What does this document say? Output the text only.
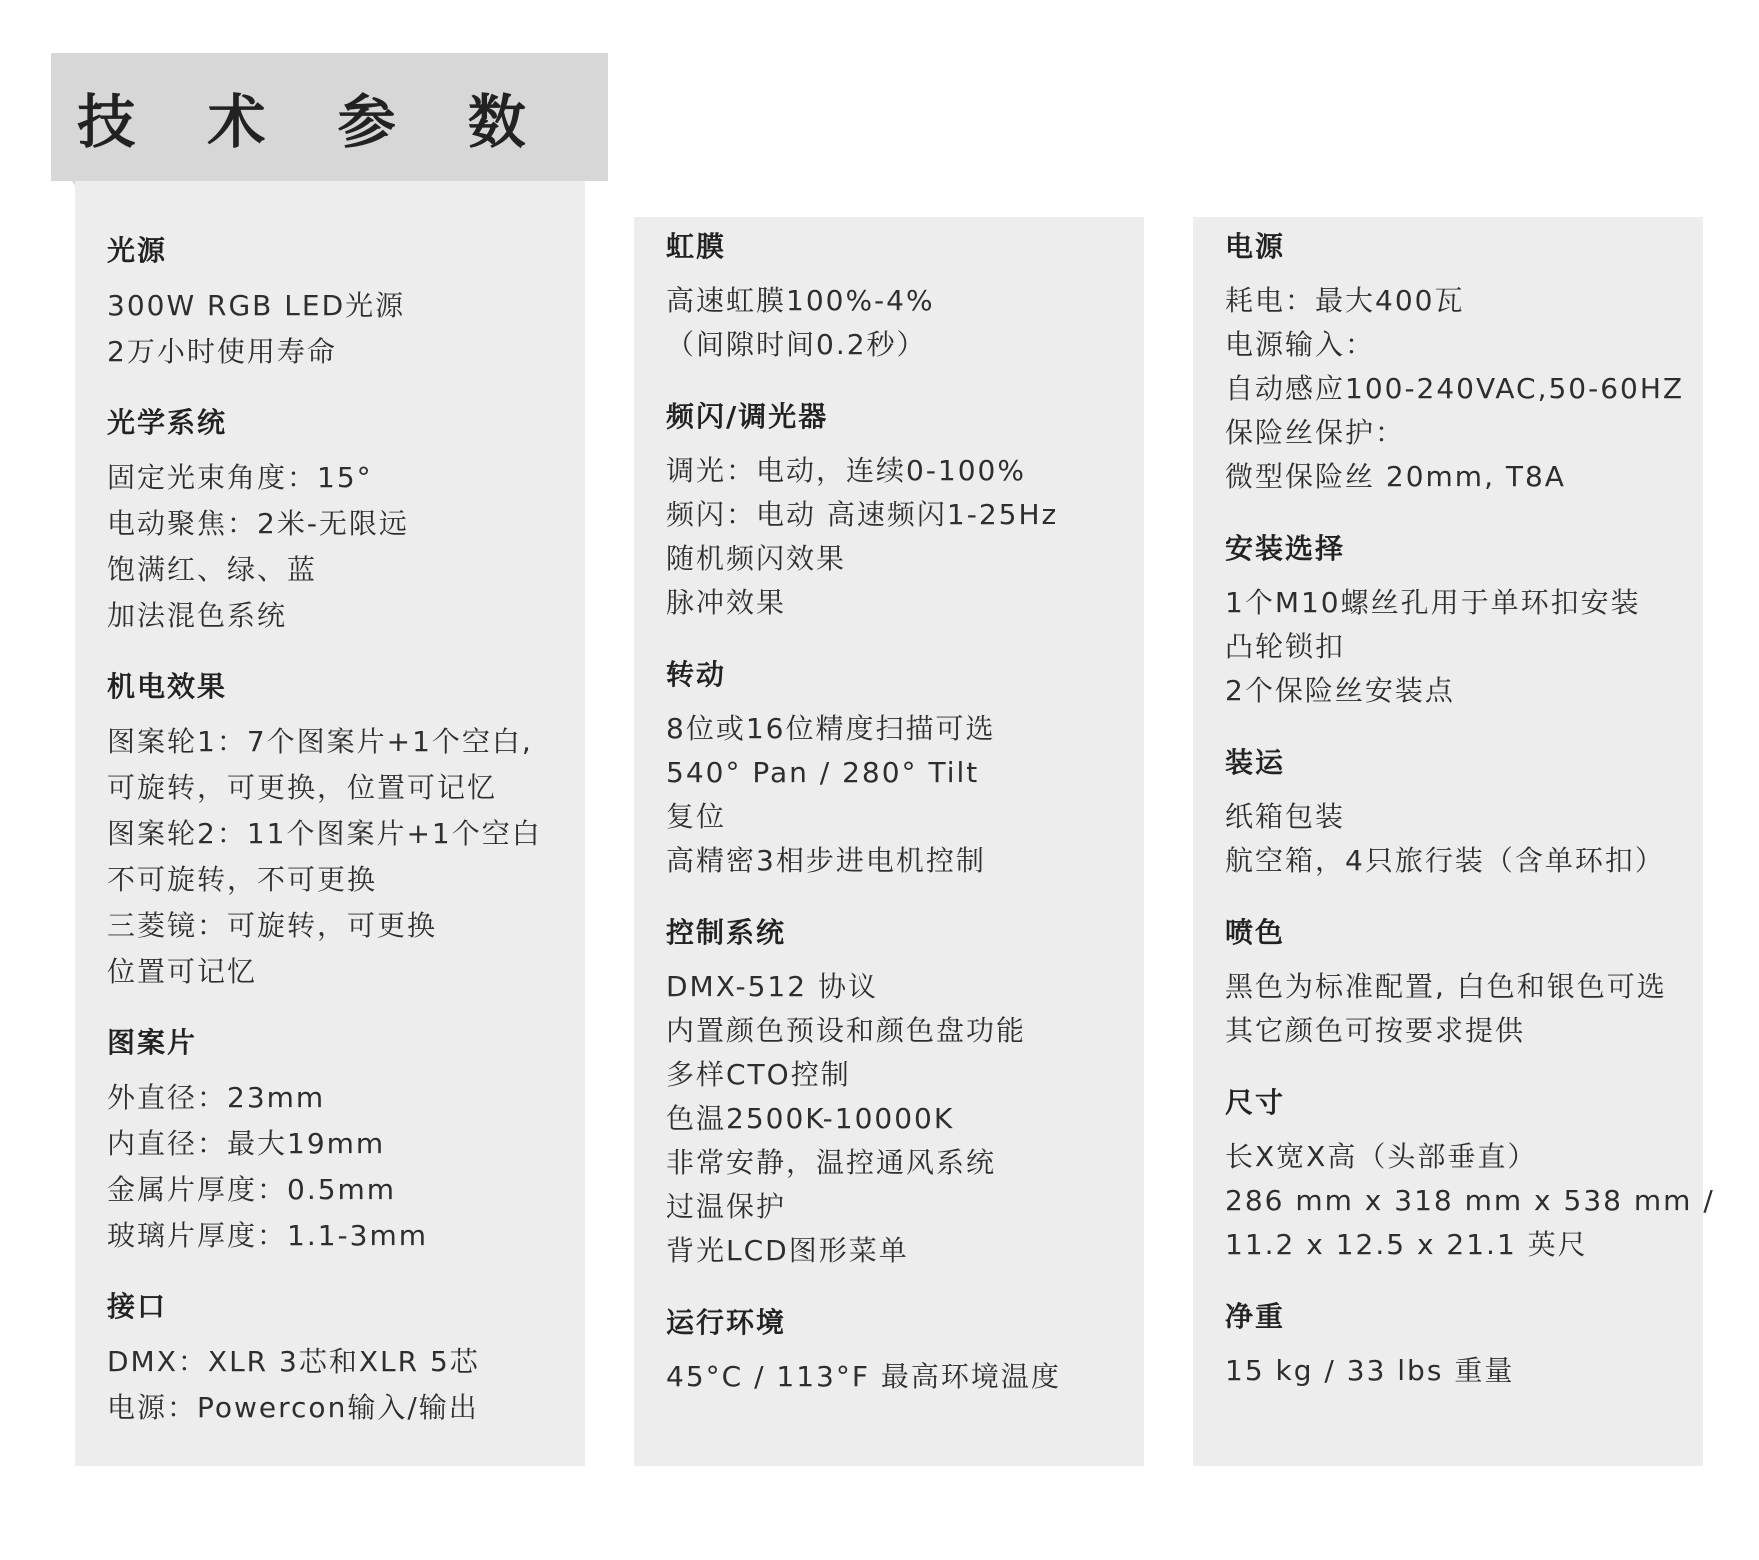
技 术 参 数
光源
300W RGB LED光源
2万小时使用寿命
光学系统
固定光束角度：15°
电动聚焦：2米-无限远
饱满红、绿、蓝
加法混色系统
机电效果
图案轮1：7个图案片+1个空白,
可旋转，可更换，位置可记忆
图案轮2：11个图案片+1个空白
不可旋转，不可更换
三菱镜：可旋转，可更换
位置可记忆
图案片
外直径：23mm
内直径：最大19mm
金属片厚度：0.5mm
玻璃片厚度：1.1-3mm
接口
DMX：XLR 3芯和XLR 5芯
电源：Powercon输入/输出
虹膜
高速虹膜100%-4%
（间隙时间0.2秒）
频闪/调光器
调光：电动，连续0-100%
频闪：电动 高速频闪1-25Hz
随机频闪效果
脉冲效果
转动
8位或16位精度扫描可选
540° Pan / 280° Tilt
复位
高精密3相步进电机控制
控制系统
DMX-512 协议
内置颜色预设和颜色盘功能
多样CTO控制
色温2500K-10000K
非常安静，温控通风系统
过温保护
背光LCD图形菜单
运行环境
45°C / 113°F 最高环境温度
电源
耗电：最大400瓦
电源输入：
自动感应100-240VAC,50-60HZ
保险丝保护：
微型保险丝 20mm, T8A
安装选择
1个M10螺丝孔用于单环扣安装
凸轮锁扣
2个保险丝安装点
装运
纸箱包装
航空箱，4只旅行装（含单环扣）
喷色
黑色为标准配置, 白色和银色可选
其它颜色可按要求提供
尺寸
长X宽X高（头部垂直）
286 mm x 318 mm x 538 mm /
11.2 x 12.5 x 21.1 英尺
净重
15 kg / 33 lbs 重量
